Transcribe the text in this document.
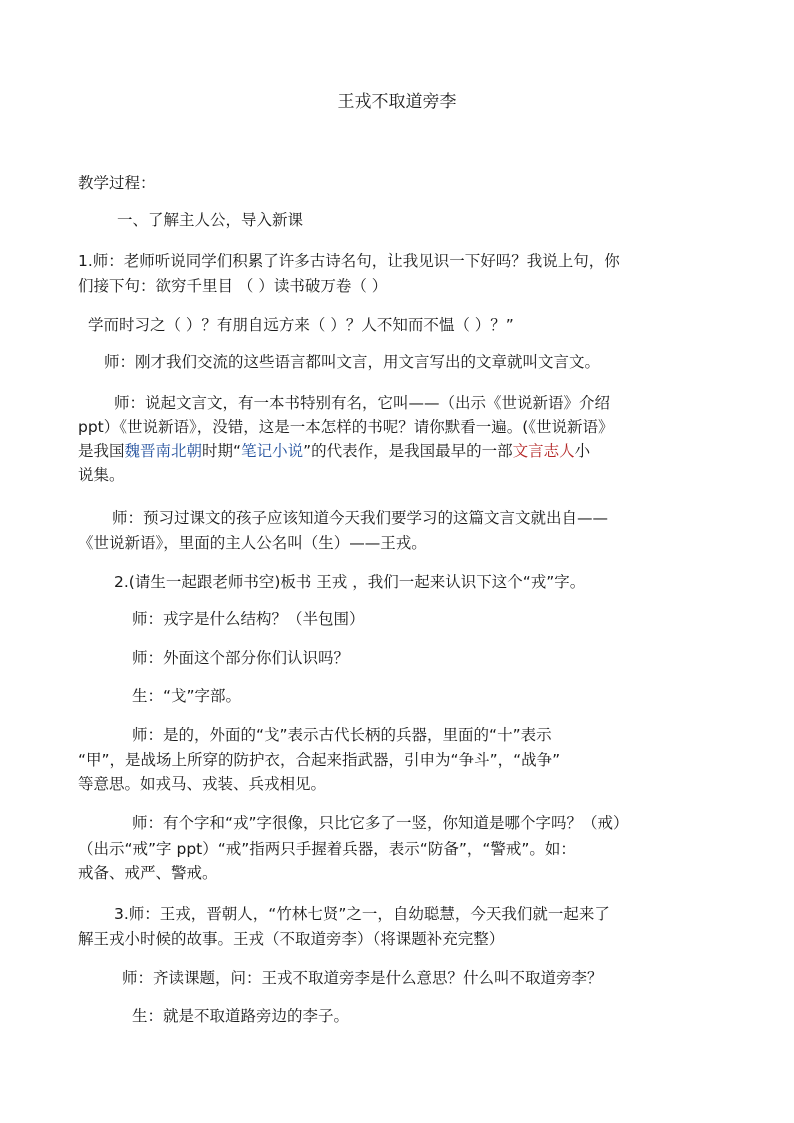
王戎不取道旁李
教学过程：
一、了解主人公，导入新课
1.师：老师听说同学们积累了许多古诗名句，让我见识一下好吗？我说上句，你
们接下句：欲穷千里目 （ ）读书破万卷（ ）
学而时习之（ ）？有朋自远方来（ ）？人不知而不愠（ ）？”
师：刚才我们交流的这些语言都叫文言，用文言写出的文章就叫文言文。
师：说起文言文，有一本书特别有名，它叫——（出示《世说新语》介绍
ppt）《世说新语》，没错，这是一本怎样的书呢？请你默看一遍。(《世说新语》
是我国魏晋南北朝时期“笔记小说”的代表作，是我国最早的一部文言志人小
说集。
师：预习过课文的孩子应该知道今天我们要学习的这篇文言文就出自——
《世说新语》，里面的主人公名叫（生）——王戎。
2.(请生一起跟老师书空)板书 王戎 ，我们一起来认识下这个“戎”字。
师：戎字是什么结构？（半包围）
师：外面这个部分你们认识吗？
生：“戈”字部。
师：是的，外面的“戈”表示古代长柄的兵器，里面的“十”表示
“甲”，是战场上所穿的防护衣，合起来指武器，引申为“争斗”，“战争”
等意思。如戎马、戎装、兵戎相见。
师：有个字和“戎”字很像，只比它多了一竖，你知道是哪个字吗？（戒）
（出示“戒”字 ppt）“戒”指两只手握着兵器，表示“防备”，“警戒”。如：
戒备、戒严、警戒。
3.师：王戎，晋朝人，“竹林七贤”之一，自幼聪慧，今天我们就一起来了
解王戎小时候的故事。王戎（不取道旁李）（将课题补充完整）
师：齐读课题，问：王戎不取道旁李是什么意思？什么叫不取道旁李？
生：就是不取道路旁边的李子。
